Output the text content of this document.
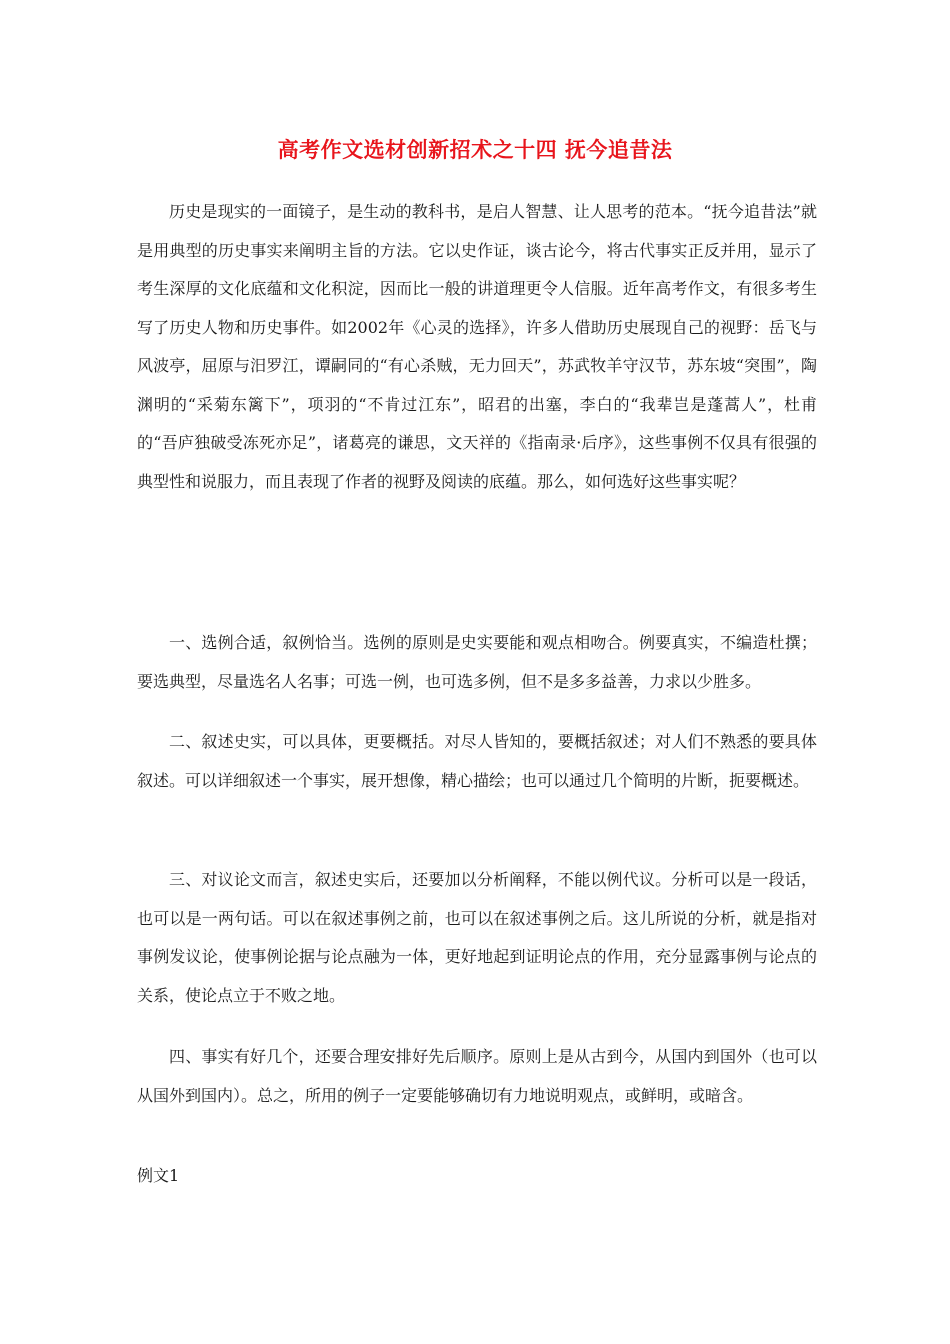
高考作文选材创新招术之十四 抚今追昔法

历史是现实的一面镜子，是生动的教科书，是启人智慧、让人思考的范本。“抚今追昔法”就是用典型的历史事实来阐明主旨的方法。它以史作证，谈古论今，将古代事实正反并用，显示了考生深厚的文化底蕴和文化积淀，因而比一般的讲道理更令人信服。近年高考作文，有很多考生写了历史人物和历史事件。如2002年《心灵的选择》，许多人借助历史展现自己的视野：岳飞与风波亭，屈原与汨罗江，谭嗣同的“有心杀贼，无力回天”，苏武牧羊守汉节，苏东坡“突围”，陶渊明的“采菊东篱下”，项羽的“不肯过江东”，昭君的出塞，李白的“我辈岂是蓬蒿人”，杜甫的“吾庐独破受冻死亦足”，诸葛亮的谦思，文天祥的《指南录·后序》，这些事例不仅具有很强的典型性和说服力，而且表现了作者的视野及阅读的底蕴。那么，如何选好这些事实呢？

一、选例合适，叙例恰当。选例的原则是史实要能和观点相吻合。例要真实，不编造杜撰；要选典型，尽量选名人名事；可选一例，也可选多例，但不是多多益善，力求以少胜多。

二、叙述史实，可以具体，更要概括。对尽人皆知的，要概括叙述；对人们不熟悉的要具体叙述。可以详细叙述一个事实，展开想像，精心描绘；也可以通过几个简明的片断，扼要概述。

三、对议论文而言，叙述史实后，还要加以分析阐释，不能以例代议。分析可以是一段话，也可以是一两句话。可以在叙述事例之前，也可以在叙述事例之后。这儿所说的分析，就是指对事例发议论，使事例论据与论点融为一体，更好地起到证明论点的作用，充分显露事例与论点的关系，使论点立于不败之地。

四、事实有好几个，还要合理安排好先后顺序。原则上是从古到今，从国内到国外（也可以从国外到国内）。总之，所用的例子一定要能够确切有力地说明观点，或鲜明，或暗含。

例文1
